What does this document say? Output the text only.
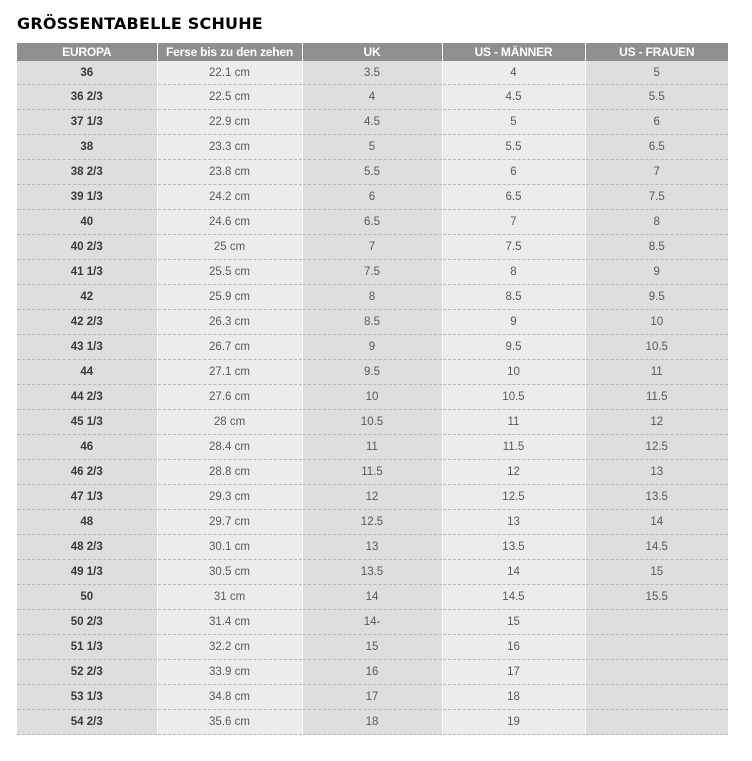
GRÖSSENTABELLE SCHUHE
EUROPA	Ferse bis zu den zehen	UK	US - MÄNNER	US - FRAUEN
36	22.1 cm	3.5	4	5
36 2/3	22.5 cm	4	4.5	5.5
37 1/3	22.9 cm	4.5	5	6
38	23.3 cm	5	5.5	6.5
38 2/3	23.8 cm	5.5	6	7
39 1/3	24.2 cm	6	6.5	7.5
40	24.6 cm	6.5	7	8
40 2/3	25 cm	7	7.5	8.5
41 1/3	25.5 cm	7.5	8	9
42	25.9 cm	8	8.5	9.5
42 2/3	26.3 cm	8.5	9	10
43 1/3	26.7 cm	9	9.5	10.5
44	27.1 cm	9.5	10	11
44 2/3	27.6 cm	10	10.5	11.5
45 1/3	28 cm	10.5	11	12
46	28.4 cm	11	11.5	12.5
46 2/3	28.8 cm	11.5	12	13
47 1/3	29.3 cm	12	12.5	13.5
48	29.7 cm	12.5	13	14
48 2/3	30.1 cm	13	13.5	14.5
49 1/3	30.5 cm	13.5	14	15
50	31 cm	14	14.5	15.5
50 2/3	31.4 cm	14-	15	
51 1/3	32.2 cm	15	16	
52 2/3	33.9 cm	16	17	
53 1/3	34.8 cm	17	18	
54 2/3	35.6 cm	18	19	
